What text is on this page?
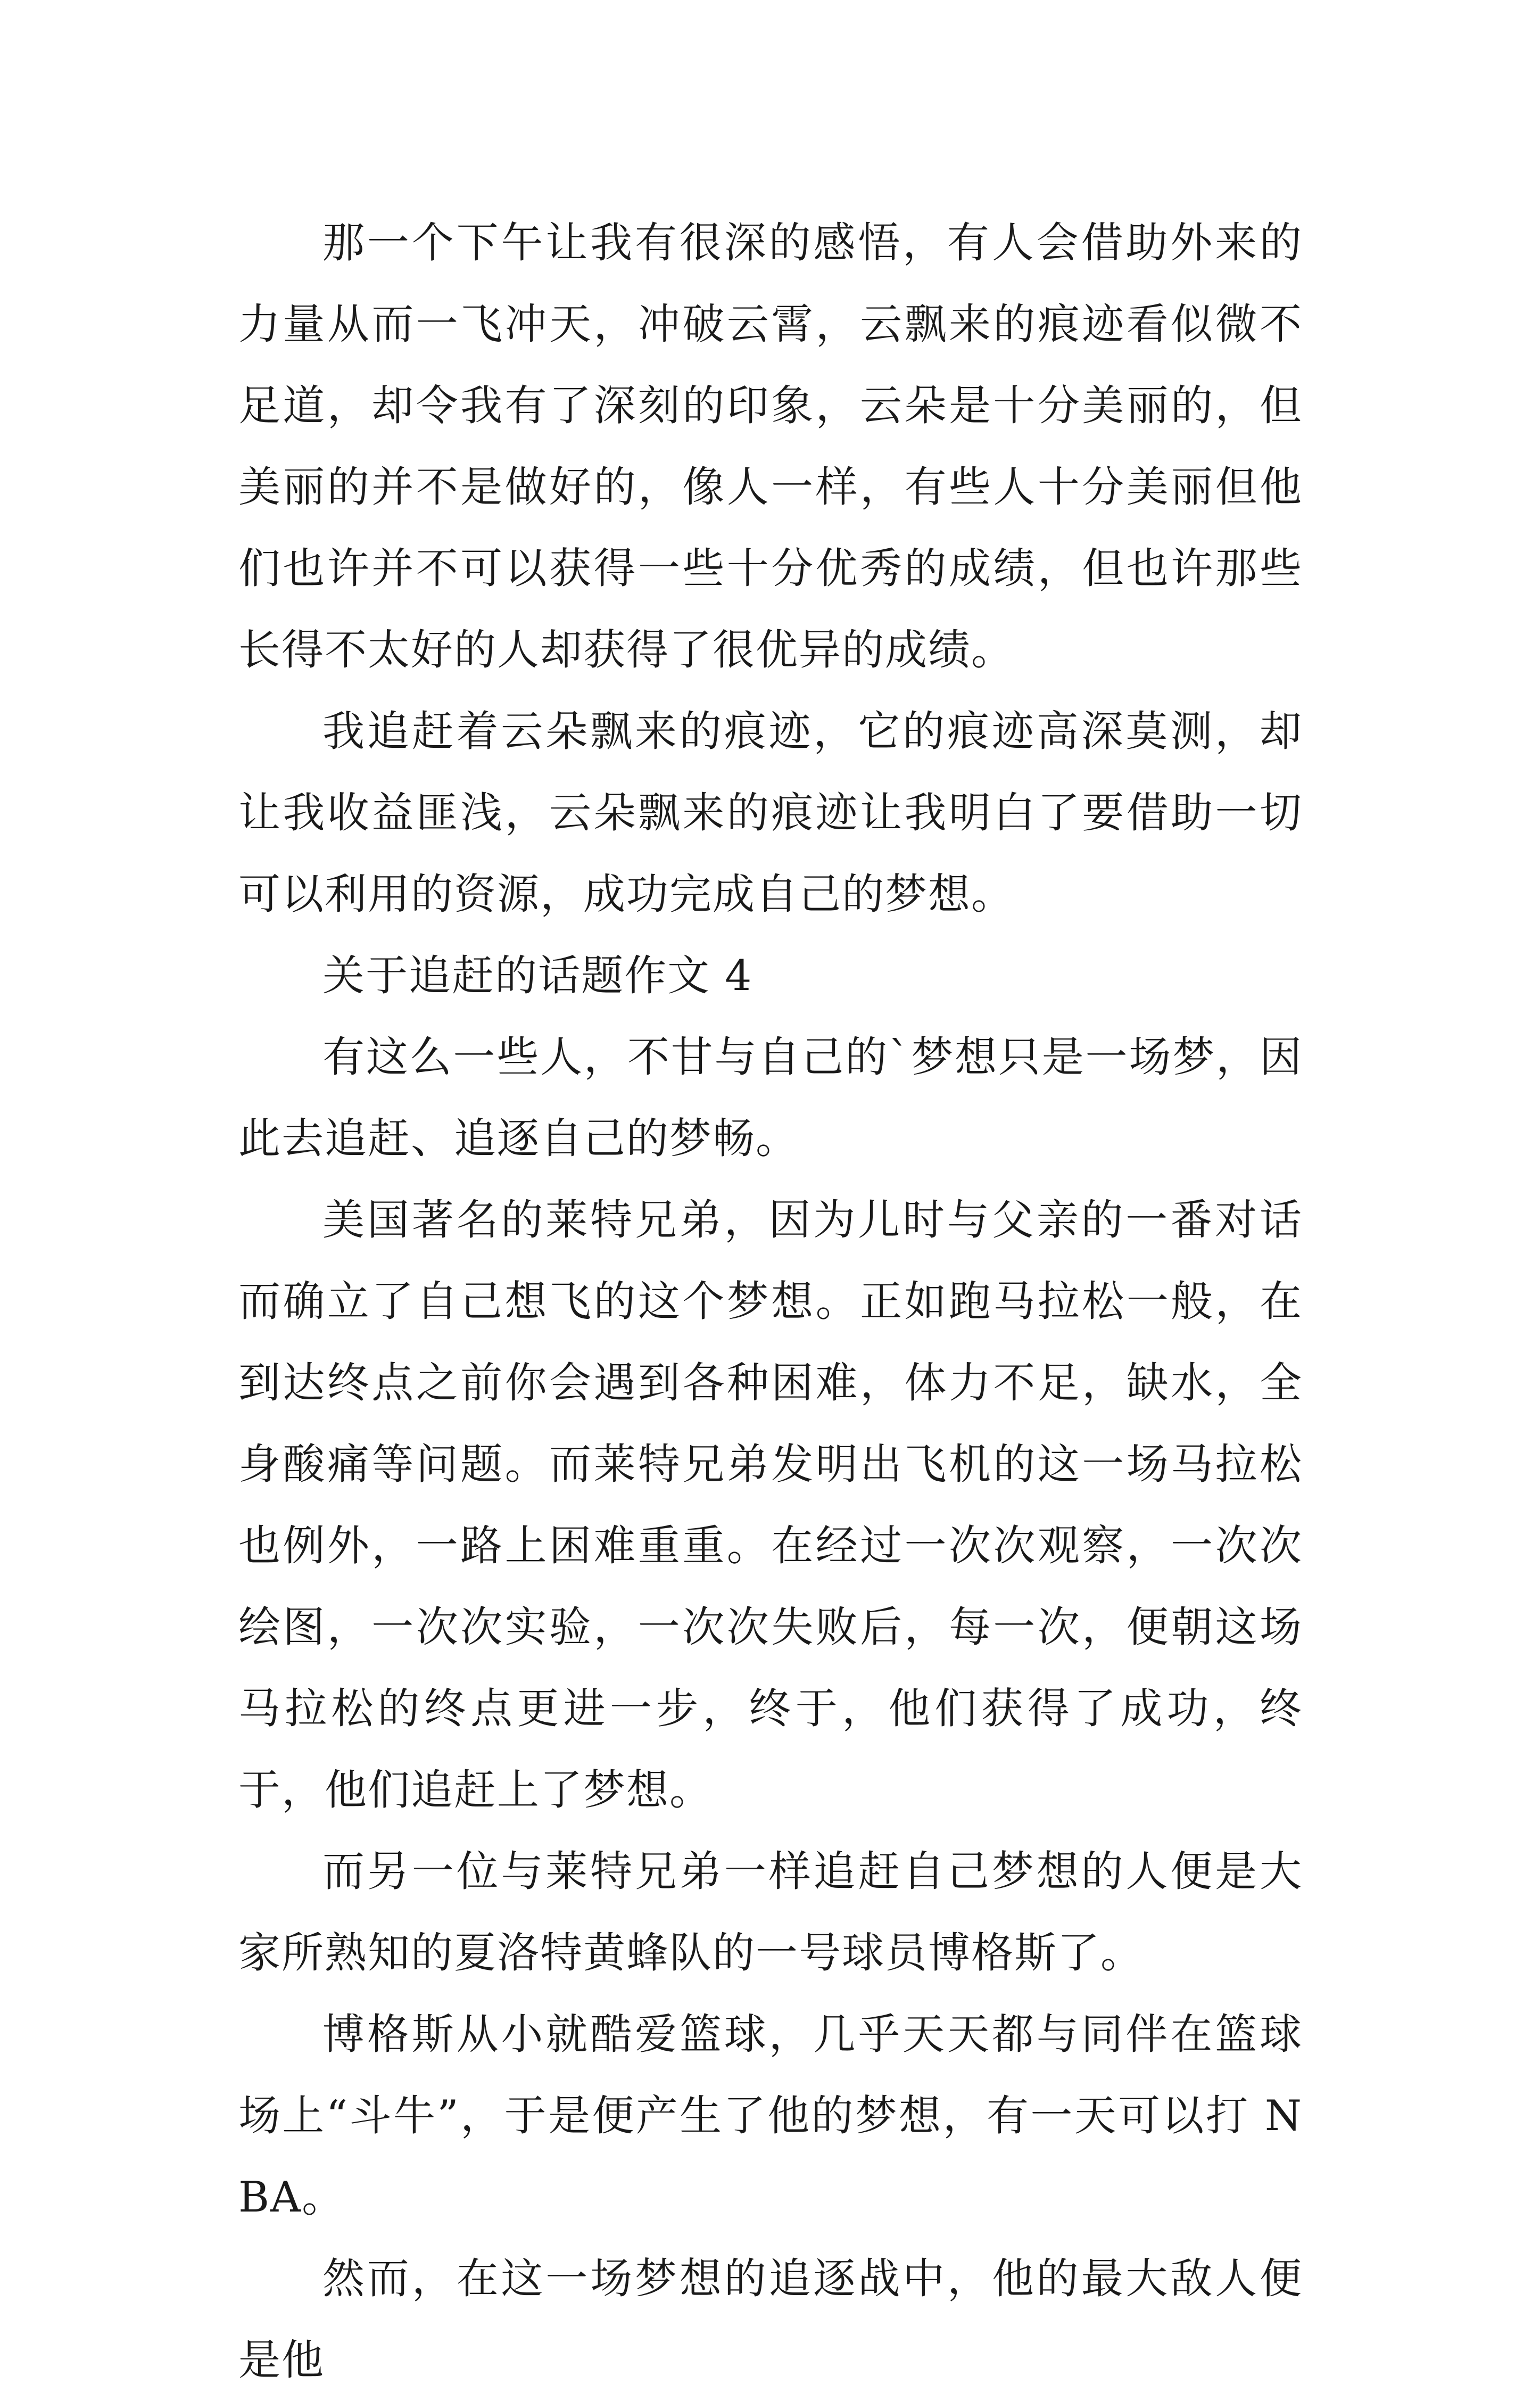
那一个下午让我有很深的感悟，有人会借助外来的力量从而一飞冲天，冲破云霄，云飘来的痕迹看似微不足道，却令我有了深刻的印象，云朵是十分美丽的，但美丽的并不是做好的，像人一样，有些人十分美丽但他们也许并不可以获得一些十分优秀的成绩，但也许那些长得不太好的人却获得了很优异的成绩。

我追赶着云朵飘来的痕迹，它的痕迹高深莫测，却让我收益匪浅，云朵飘来的痕迹让我明白了要借助一切可以利用的资源，成功完成自己的梦想。

关于追赶的话题作文 4

有这么一些人，不甘与自己的`梦想只是一场梦，因此去追赶、追逐自己的梦畅。

美国著名的莱特兄弟，因为儿时与父亲的一番对话而确立了自己想飞的这个梦想。正如跑马拉松一般，在到达终点之前你会遇到各种困难，体力不足，缺水，全身酸痛等问题。而莱特兄弟发明出飞机的这一场马拉松也例外，一路上困难重重。在经过一次次观察，一次次绘图，一次次实验，一次次失败后，每一次，便朝这场马拉松的终点更进一步，终于，他们获得了成功，终于，他们追赶上了梦想。

而另一位与莱特兄弟一样追赶自己梦想的人便是大家所熟知的夏洛特黄蜂队的一号球员博格斯了。

博格斯从小就酷爱篮球，几乎天天都与同伴在篮球场上“斗牛”，于是便产生了他的梦想，有一天可以打 NBA。

然而，在这一场梦想的追逐战中，他的最大敌人便是他
